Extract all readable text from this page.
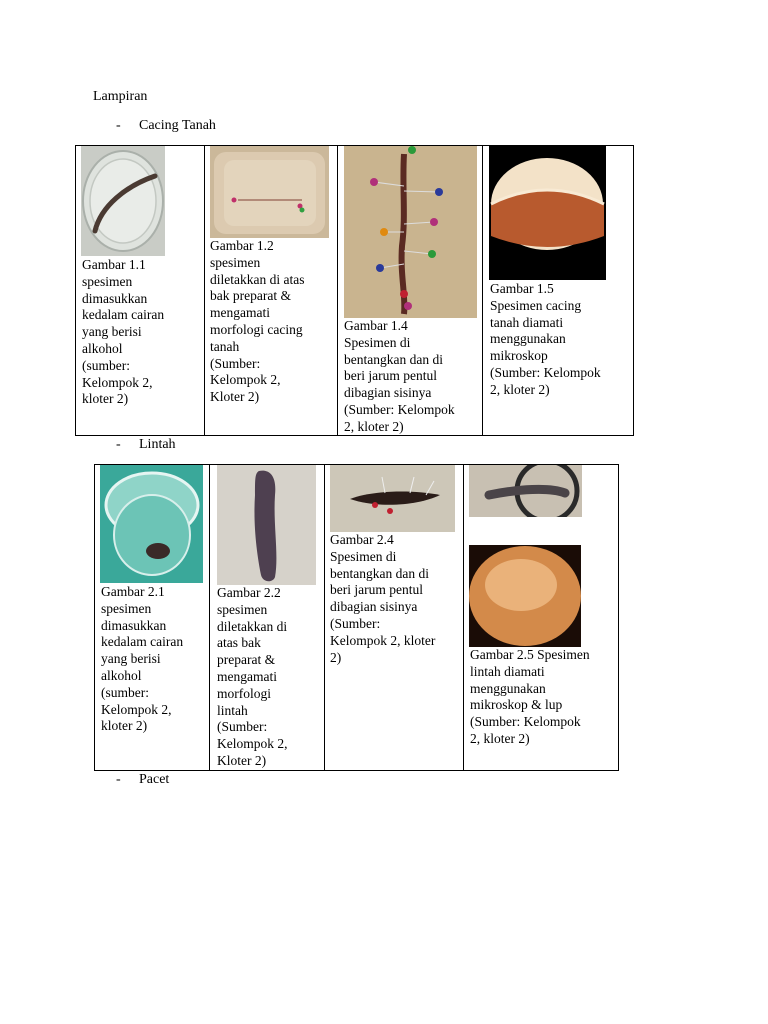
Lampiran
- Cacing Tanah
Gambar 1.1
spesimen
dimasukkan
kedalam cairan
yang berisi
alkohol
(sumber:
Kelompok 2,
kloter 2)
Gambar 1.2
spesimen
diletakkan di atas
bak preparat &
mengamati
morfologi cacing
tanah
(Sumber:
Kelompok 2,
Kloter 2)
Gambar 1.4
Spesimen di
bentangkan dan di
beri jarum pentul
dibagian sisinya
(Sumber: Kelompok
2, kloter 2)
Gambar 1.5
Spesimen cacing
tanah diamati
menggunakan
mikroskop
(Sumber: Kelompok
2, kloter 2)
- Lintah
Gambar 2.1
spesimen
dimasukkan
kedalam cairan
yang berisi
alkohol
(sumber:
Kelompok 2,
kloter 2)
Gambar 2.2
spesimen
diletakkan di
atas bak
preparat &
mengamati
morfologi
lintah
(Sumber:
Kelompok 2,
Kloter 2)
Gambar 2.4
Spesimen di
bentangkan dan di
beri jarum pentul
dibagian sisinya
(Sumber:
Kelompok 2, kloter
2)	Gambar 2.5 Spesimen
lintah diamati
menggunakan
mikroskop & lup
(Sumber: Kelompok
2, kloter 2)
- Pacet
